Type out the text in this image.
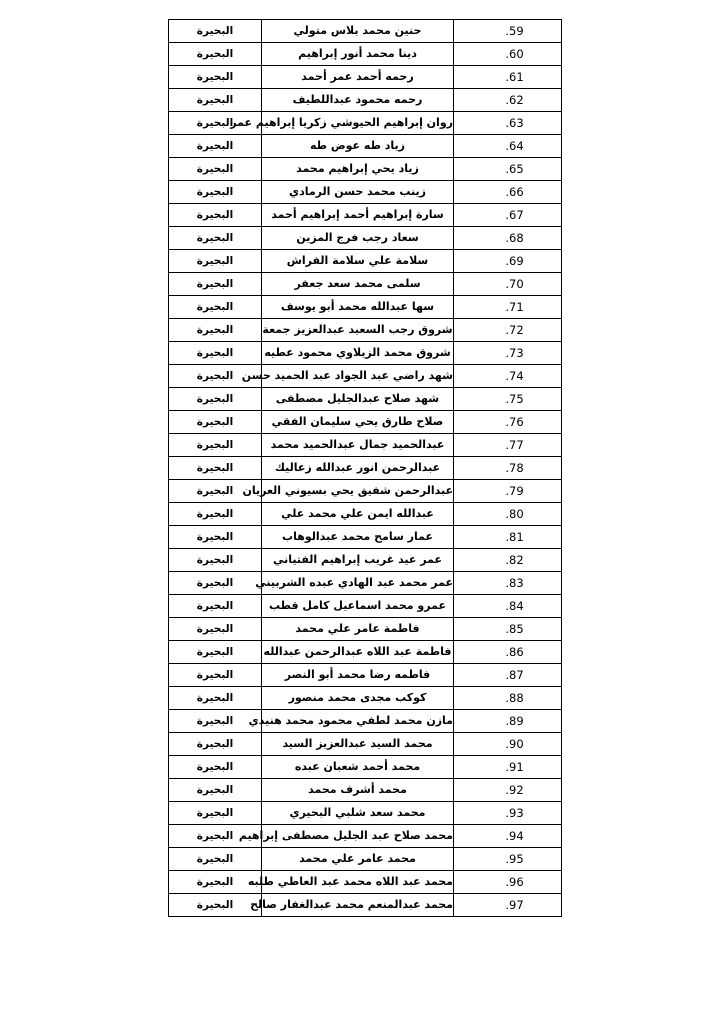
البحيرة	حنين محمد بلاس متولي	.59
البحيرة	دينا محمد أنور إبراهيم	.60
البحيرة	رحمه أحمد عمر أحمد	.61
البحيرة	رحمه محمود عبداللطيف	.62
البحيرة	روان إبراهيم الحيوشي زكريا إبراهيم عمر	.63
البحيرة	زياد طه عوض طه	.64
البحيرة	زياد يحي إبراهيم محمد	.65
البحيرة	زينب محمد حسن الرمادي	.66
البحيرة	سارة إبراهيم أحمد إبراهيم أحمد	.67
البحيرة	سعاد رجب فرج المزين	.68
البحيرة	سلامة علي سلامة الفراش	.69
البحيرة	سلمى محمد سعد جعفر	.70
البحيرة	سها عبدالله محمد أبو يوسف	.71
البحيرة	شروق رجب السعيد عبدالعزيز جمعة	.72
البحيرة	شروق محمد الزيلاوي محمود عطيه	.73
البحيرة	شهد راضي عبد الجواد عبد الحميد حسن	.74
البحيرة	شهد صلاح عبدالجليل مصطفى	.75
البحيرة	صلاح طارق يحي سليمان الفقي	.76
البحيرة	عبدالحميد جمال عبدالحميد محمد	.77
البحيرة	عبدالرحمن انور عبدالله زعاليك	.78
البحيرة	عبدالرحمن شفيق يحي بسيوني العريان	.79
البحيرة	عبدالله ايمن علي محمد علي	.80
البحيرة	عمار سامح محمد عبدالوهاب	.81
البحيرة	عمر عيد غريب إبراهيم الفتياني	.82
البحيرة	عمر محمد عبد الهادي عبده الشربيني	.83
البحيرة	عمرو محمد اسماعيل كامل قطب	.84
البحيرة	فاطمة عامر علي محمد	.85
البحيرة	فاطمة عبد اللاه عبدالرحمن عبدالله	.86
البحيرة	فاطمه رضا محمد أبو النصر	.87
البحيرة	كوكب مجدى محمد منصور	.88
البحيرة	مازن محمد لطفي محمود محمد هنيدي	.89
البحيرة	محمد السيد عبدالعزيز السيد	.90
البحيرة	محمد أحمد شعبان عبده	.91
البحيرة	محمد أشرف محمد	.92
البحيرة	محمد سعد شلبي البحيري	.93
البحيرة	محمد صلاح عبد الجليل مصطفى إبراهيم	.94
البحيرة	محمد عامر علي محمد	.95
البحيرة	محمد عبد اللاه محمد عبد العاطي طلبه	.96
البحيرة	محمد عبدالمنعم محمد عبدالغفار صالح	.97
